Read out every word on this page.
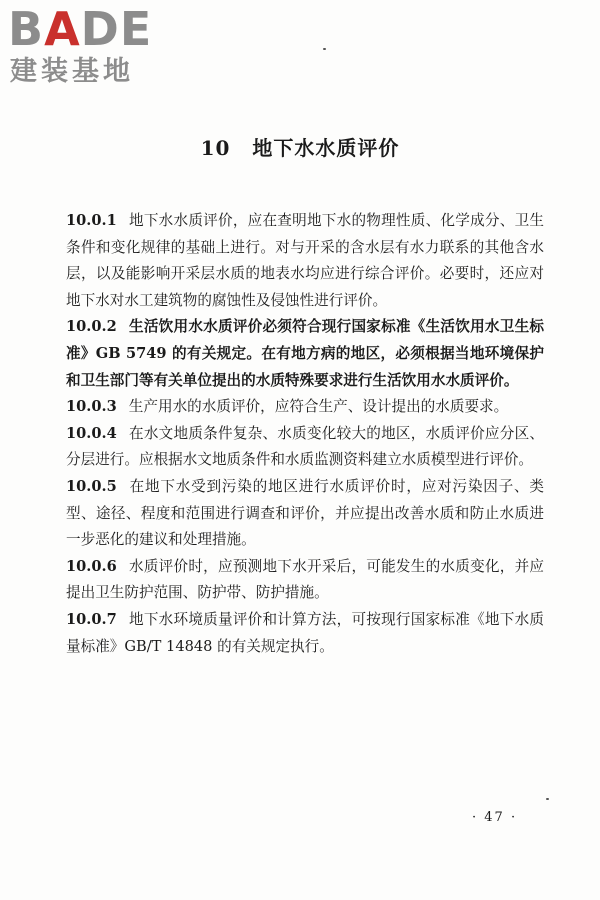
BADE
建装基地
10 地下水水质评价

10.0.1 地下水水质评价，应在查明地下水的物理性质、化学成分、卫生条件和变化规律的基础上进行。对与开采的含水层有水力联系的其他含水层，以及能影响开采层水质的地表水均应进行综合评价。必要时，还应对地下水对水工建筑物的腐蚀性及侵蚀性进行评价。

10.0.2 生活饮用水水质评价必须符合现行国家标准《生活饮用水卫生标准》GB 5749 的有关规定。在有地方病的地区，必须根据当地环境保护和卫生部门等有关单位提出的水质特殊要求进行生活饮用水水质评价。

10.0.3 生产用水的水质评价，应符合生产、设计提出的水质要求。

10.0.4 在水文地质条件复杂、水质变化较大的地区，水质评价应分区、分层进行。应根据水文地质条件和水质监测资料建立水质模型进行评价。

10.0.5 在地下水受到污染的地区进行水质评价时，应对污染因子、类型、途径、程度和范围进行调查和评价，并应提出改善水质和防止水质进一步恶化的建议和处理措施。

10.0.6 水质评价时，应预测地下水开采后，可能发生的水质变化，并应提出卫生防护范围、防护带、防护措施。

10.0.7 地下水环境质量评价和计算方法，可按现行国家标准《地下水质量标准》GB/T 14848 的有关规定执行。

· 47 ·
